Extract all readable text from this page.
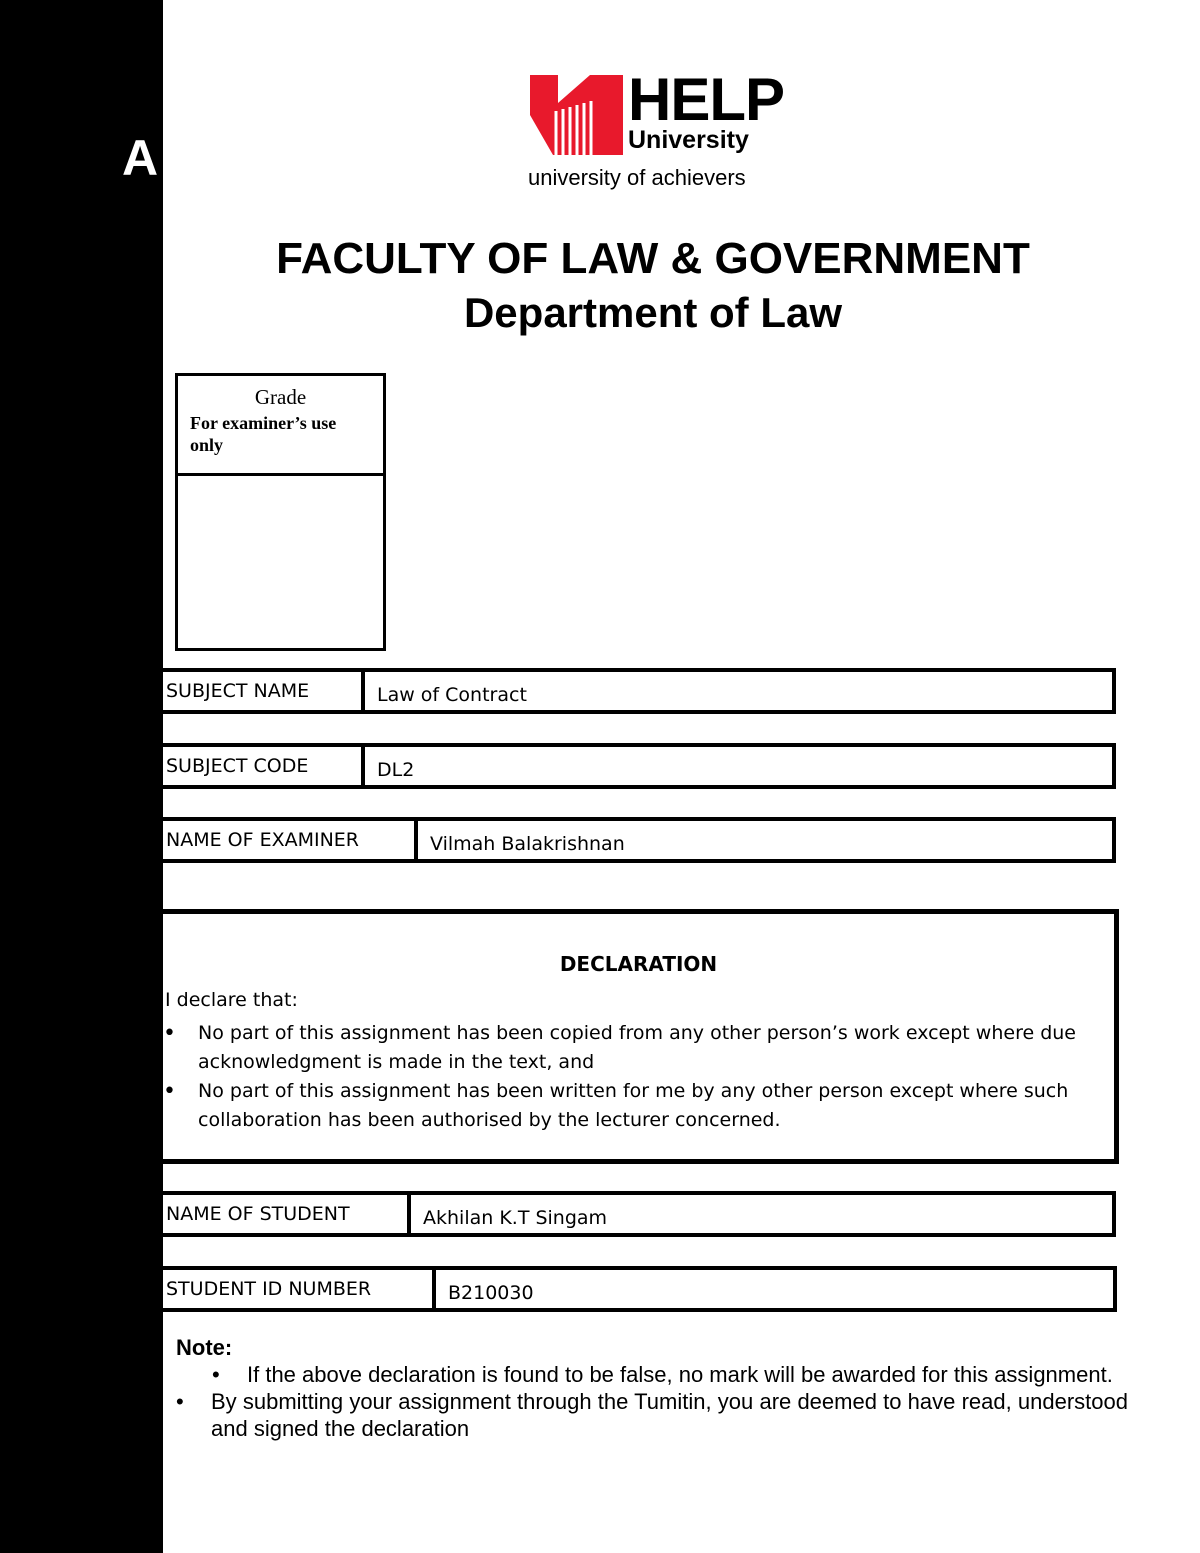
A
HELP
University
university of achievers
FACULTY OF LAW & GOVERNMENT
Department of Law
Grade
For examiner’s use only
SUBJECT NAME	Law of Contract
SUBJECT CODE	DL2
NAME OF EXAMINER	Vilmah Balakrishnan
DECLARATION
I declare that:
• No part of this assignment has been copied from any other person’s work except where due acknowledgment is made in the text, and
• No part of this assignment has been written for me by any other person except where such collaboration has been authorised by the lecturer concerned.
NAME OF STUDENT	Akhilan K.T Singam
STUDENT ID NUMBER	B210030
Note:
• If the above declaration is found to be false, no mark will be awarded for this assignment.
• By submitting your assignment through the Tumitin, you are deemed to have read, understood and signed the declaration
